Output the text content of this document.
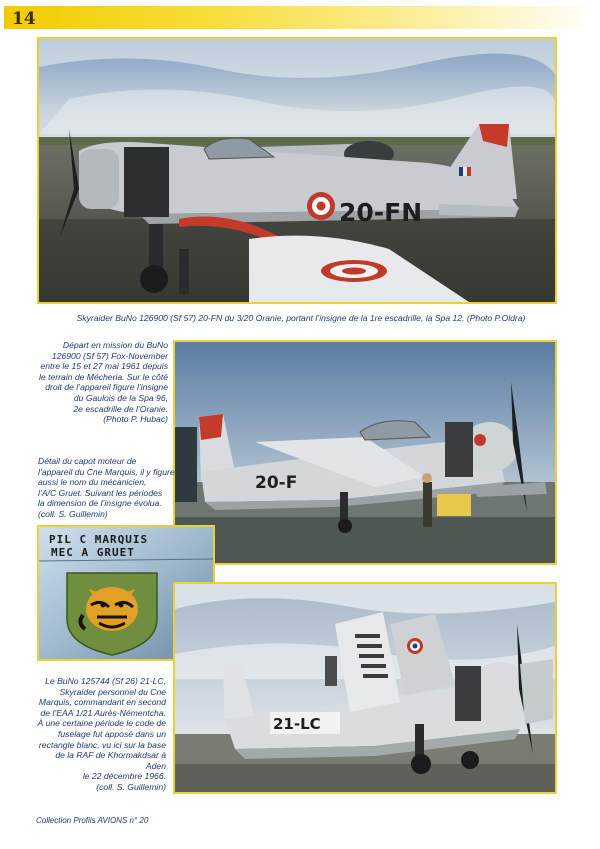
14
20-FN
Skyraider BuNo 126900 (Sf 57) 20-FN du 3/20 Oranie, portant l’insigne de la 1re escadrille, la Spa 12. (Photo P.Oldra)
Départ en mission du BuNo
126900 (Sf 57) Fox-November
entre le 15 et 27 mai 1961 depuis
le terrain de Mécheria. Sur le côté
droit de l’appareil figure l’insigne
du Gaulois de la Spa 96,
2e escadrille de l’Oranie.
(Photo P. Hubac)
20-F
Détail du capot moteur de
l’appareil du Cne Marquis, il y figure
aussi le nom du mécanicien,
l’A/C Gruet. Suivant les périodes
la dimension de l’insigne évolua.
(coll. S. Guillemin)
PIL C MARQUIS
MEC A GRUET
21-LC
Le BuNo 125744 (Sf 26) 21-LC,
Skyraider personnel du Cne
Marquis, commandant en second
de l’EAA 1/21 Aurès-Némentcha.
À une certaine période le code de
fuselage fut apposé dans un
rectangle blanc, vu ici sur la base
de la RAF de Khormakdsar à Aden
le 22 décembre 1966.
(coll. S. Guillemin)
Collection Profils AVIONS n° 20
